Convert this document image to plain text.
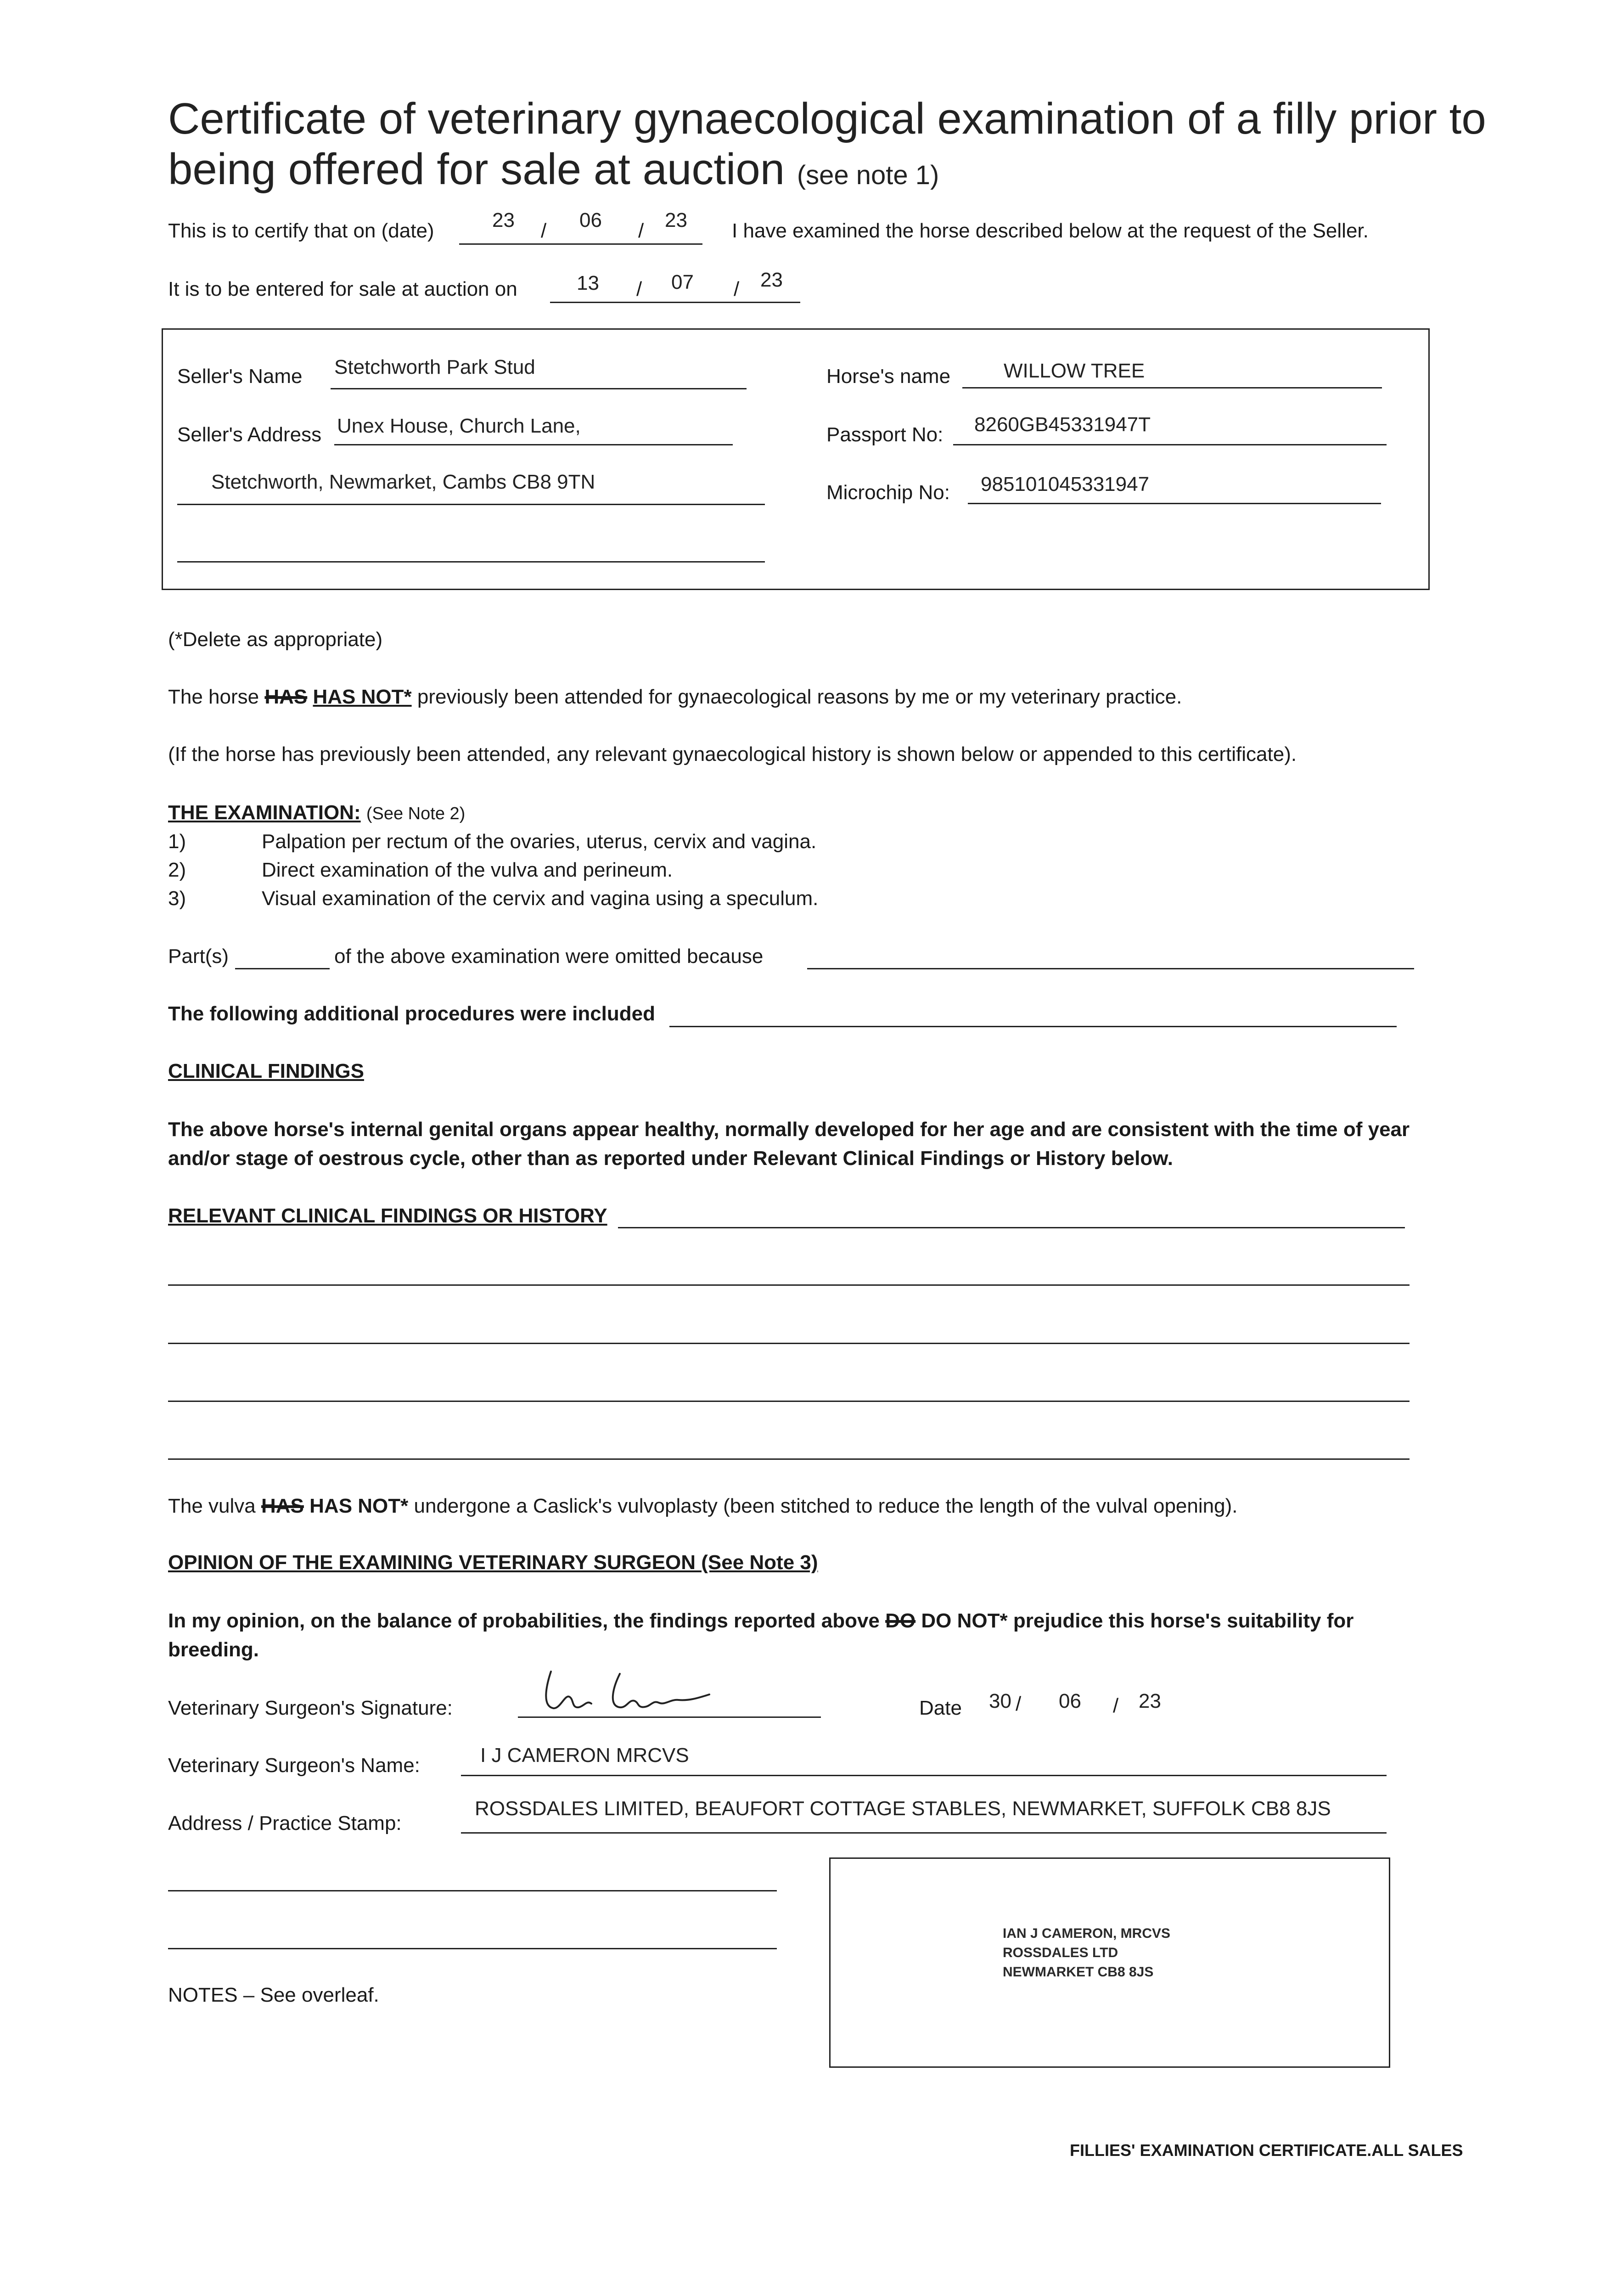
Certificate of veterinary gynaecological examination of a filly prior to
being offered for sale at auction (see note 1)
This is to certify that on (date)	23 / 06 / 23 I have examined the horse described below at the request of the Seller.
It is to be entered for sale at auction on	13 / 07 / 23
Seller's Name Stetchworth Park Stud
Seller's Address Unex House, Church Lane,
Stetchworth, Newmarket, Cambs CB8 9TN
Horse's name	WILLOW TREE
Passport No: 8260GB45331947T
Microchip No: 985101045331947
(*Delete as appropriate)
The horse HAS HAS NOT* previously been attended for gynaecological reasons by me or my veterinary practice.
(If the horse has previously been attended, any relevant gynaecological history is shown below or appended to this certificate).
THE EXAMINATION: (See Note 2)
1)	Palpation per rectum of the ovaries, uterus, cervix and vagina.
2)	Direct examination of the vulva and perineum.
3)	Visual examination of the cervix and vagina using a speculum.
Part(s)	of the above examination were omitted because
The following additional procedures were included
CLINICAL FINDINGS
The above horse's internal genital organs appear healthy, normally developed for her age and are consistent with the time of year
and/or stage of oestrous cycle, other than as reported under Relevant Clinical Findings or History below.
RELEVANT CLINICAL FINDINGS OR HISTORY
The vulva HAS HAS NOT* undergone a Caslick's vulvoplasty (been stitched to reduce the length of the vulval opening).
OPINION OF THE EXAMINING VETERINARY SURGEON (See Note 3)
In my opinion, on the balance of probabilities, the findings reported above DO DO NOT* prejudice this horse's suitability for
breeding.
Veterinary Surgeon's Signature:	Date 30 / 06 / 23
Veterinary Surgeon's Name:	I J CAMERON MRCVS
Address / Practice Stamp:
ROSSDALES LIMITED, BEAUFORT COTTAGE STABLES, NEWMARKET, SUFFOLK CB8 8JS
NOTES – See overleaf.
IAN J CAMERON, MRCVS
ROSSDALES LTD
NEWMARKET CB8 8JS
FILLIES' EXAMINATION CERTIFICATE.ALL SALES
